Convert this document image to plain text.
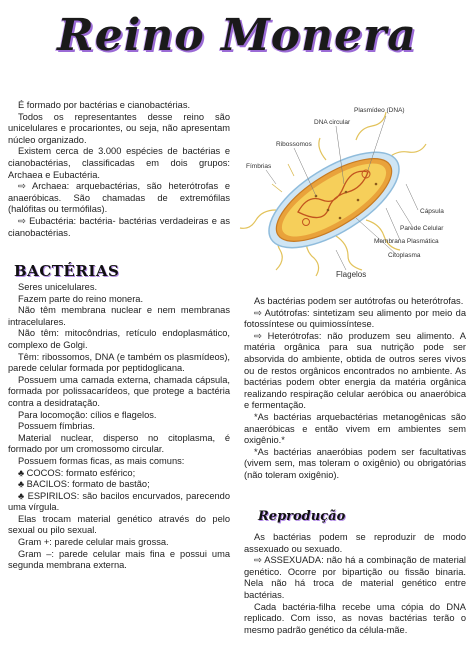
Reino Monera
É formado por bactérias e cianobactérias.
Todos os representantes desse reino são unicelulares e procariontes, ou seja, não apresentam núcleo organizado.
Existem cerca de 3.000 espécies de bactérias e cianobactérias, classificadas em dois grupos: Archaea e Eubactéria.
⇨ Archaea: arquebactérias, são heterótrofas e anaeróbicas. São chamadas de extremófilas (halófitas ou termófilas).
⇨ Eubactéria: bactéria- bactérias verdadeiras e as cianobactérias.
Plasmídeo (DNA)
DNA circular
Ribossomos
Fímbrias
Cápsula
Parede Celular
Membrana Plasmática
Citoplasma
Flagelos
BACTÉRIAS
Seres unicelulares.
Fazem parte do reino monera.
Não têm membrana nuclear e nem membranas intracelulares.
Não têm: mitocôndrias, retículo endoplasmático, complexo de Golgi.
Têm: ribossomos, DNA (e também os plasmídeos), parede celular formada por peptidoglicana.
Possuem uma camada externa, chamada cápsula, formada por polissacarídeos, que protege a bactéria contra a desidratação.
Para locomoção: cílios e flagelos.
Possuem fímbrias.
Material nuclear, disperso no citoplasma, é formado por um cromossomo circular.
Possuem formas ficas, as mais comuns:
♣ COCOS: formato esférico;
♣ BACILOS: formato de bastão;
♣ ESPIRILOS: são bacilos encurvados, parecendo uma vírgula.
Elas trocam material genético através do pelo sexual ou pilo sexual.
Gram +: parede celular mais grossa.
Gram –: parede celular mais fina e possui uma segunda membrana externa.
As bactérias podem ser autótrofas ou heterótrofas.
⇨ Autótrofas: sintetizam seu alimento por meio da fotossíntese ou quimiossíntese.
⇨ Heterótrofas: não produzem seu alimento. A matéria orgânica para sua nutrição pode ser absorvida do ambiente, obtida de outros seres vivos ou de restos orgânicos encontrados no ambiente. As bactérias podem obter energia da matéria orgânica realizando respiração celular aeróbica ou anaeróbica e fermentação.
*As bactérias arquebactérias metanogênicas são anaeróbicas e então vivem em ambientes sem oxigênio.*
*As bactérias anaeróbias podem ser facultativas (vivem sem, mas toleram o oxigênio) ou obrigatórias (não toleram oxigênio).
Reprodução
As bactérias podem se reproduzir de modo assexuado ou sexuado.
⇨ ASSEXUADA: não há a combinação de material genético. Ocorre por bipartição ou fissão binaria. Nela não há troca de material genético entre bactérias.
Cada bactéria-filha recebe uma cópia do DNA replicado. Com isso, as novas bactérias terão o mesmo padrão genético da célula-mãe.
